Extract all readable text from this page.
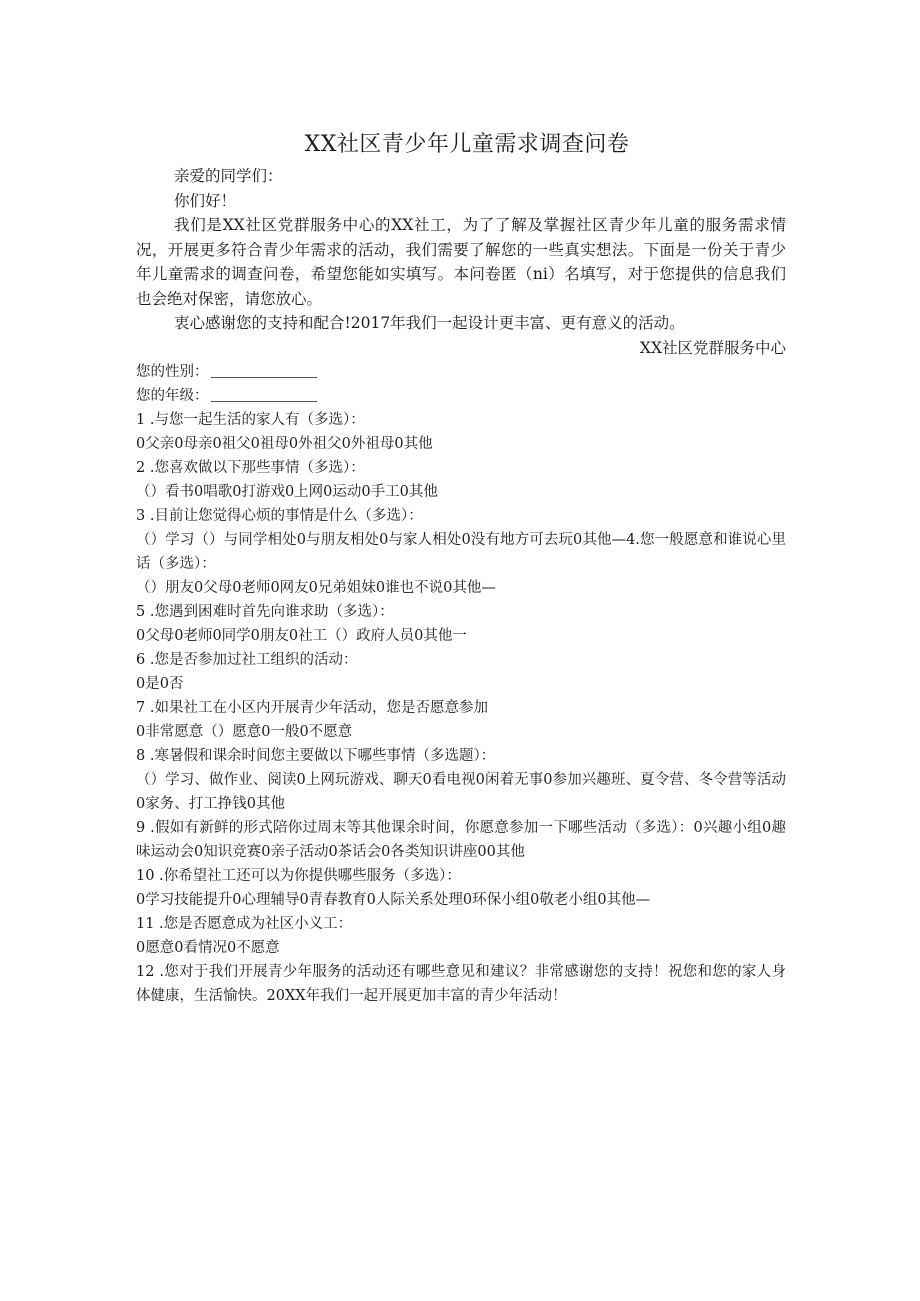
XX社区青少年儿童需求调查问卷

亲爱的同学们：

你们好！

我们是XX社区党群服务中心的XX社工，为了了解及掌握社区青少年儿童的服务需求情况，开展更多符合青少年需求的活动，我们需要了解您的一些真实想法。下面是一份关于青少年儿童需求的调查问卷，希望您能如实填写。本问卷匿（ni）名填写，对于您提供的信息我们也会绝对保密，请您放心。

衷心感谢您的支持和配合!2017年我们一起设计更丰富、更有意义的活动。

XX社区党群服务中心

您的性别：

您的年级：

1 .与您一起生活的家人有（多选）：

0父亲0母亲0祖父0祖母0外祖父0外祖母0其他

2 .您喜欢做以下那些事情（多选）：

（）看书0唱歌0打游戏0上网0运动0手工0其他

3 .目前让您觉得心烦的事情是什么（多选）：

（）学习（）与同学相处0与朋友相处0与家人相处0没有地方可去玩0其他—4.您一般愿意和谁说心里话（多选）：

（）朋友0父母0老师0网友0兄弟姐妹0谁也不说0其他—

5 .您遇到困难时首先向谁求助（多选）：

0父母0老师0同学0朋友0社工（）政府人员0其他一

6 .您是否参加过社工组织的活动：

0是0否

7 .如果社工在小区内开展青少年活动，您是否愿意参加

0非常愿意（）愿意0一般0不愿意

8 .寒暑假和课余时间您主要做以下哪些事情（多选题）：

（）学习、做作业、阅读0上网玩游戏、聊天0看电视0闲着无事0参加兴趣班、夏令营、冬令营等活动0家务、打工挣钱0其他

9 .假如有新鲜的形式陪你过周末等其他课余时间，你愿意参加一下哪些活动（多选）：0兴趣小组0趣味运动会0知识竞赛0亲子活动0茶话会0各类知识讲座00其他

10 .你希望社工还可以为你提供哪些服务（多选）：

0学习技能提升0心理辅导0青春教育0人际关系处理0环保小组0敬老小组0其他—

11 .您是否愿意成为社区小义工：

0愿意0看情况0不愿意

12 .您对于我们开展青少年服务的活动还有哪些意见和建议？非常感谢您的支持！祝您和您的家人身体健康，生活愉快。20XX年我们一起开展更加丰富的青少年活动！
